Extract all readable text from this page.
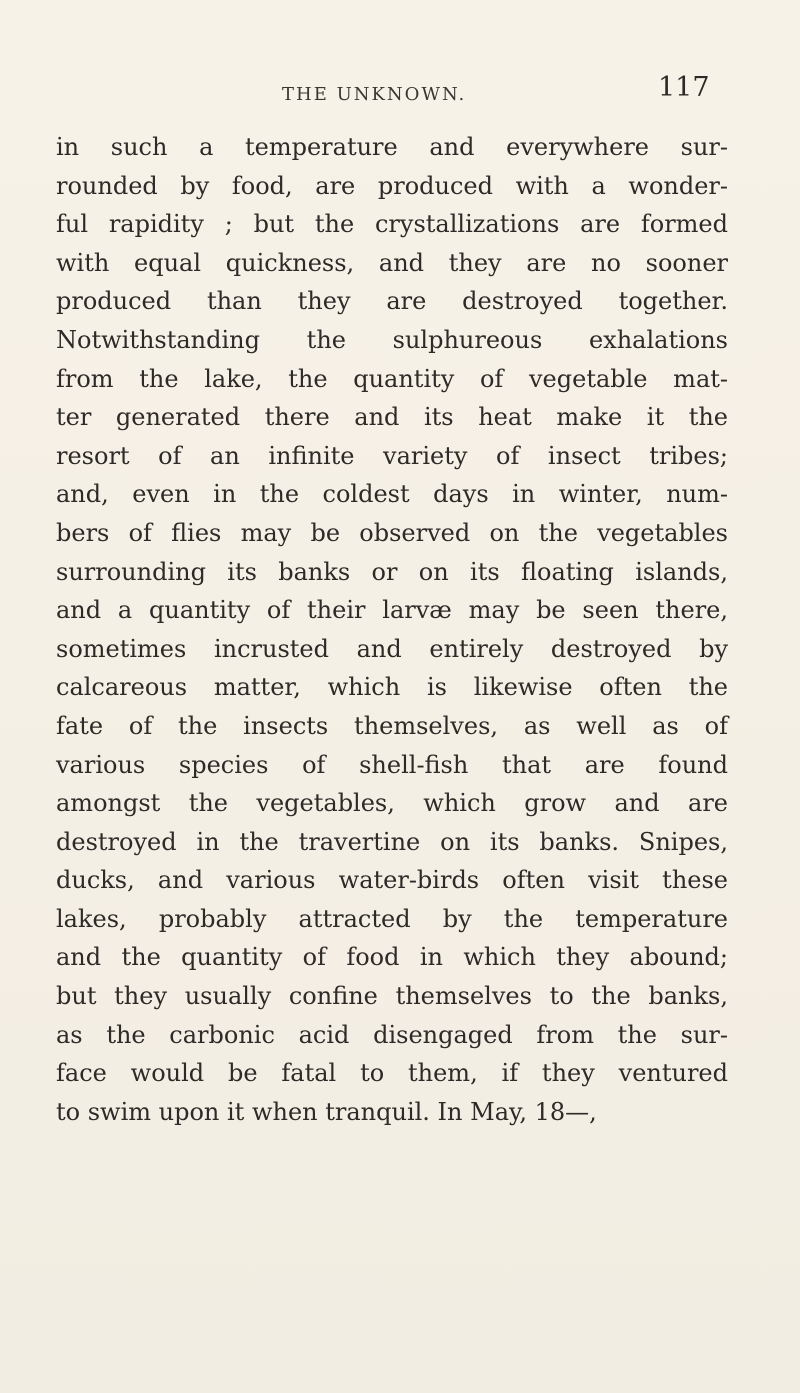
THE UNKNOWN.	117
in such a temperature and everywhere sur-
rounded by food, are produced with a wonder-
ful rapidity ; but the crystallizations are formed
with equal quickness, and they are no sooner
produced than they are destroyed together.
Notwithstanding the sulphureous exhalations
from the lake, the quantity of vegetable mat-
ter generated there and its heat make it the
resort of an infinite variety of insect tribes;
and, even in the coldest days in winter, num-
bers of flies may be observed on the vegetables
surrounding its banks or on its floating islands,
and a quantity of their larvæ may be seen there,
sometimes incrusted and entirely destroyed by
calcareous matter, which is likewise often the
fate of the insects themselves, as well as of
various species of shell-fish that are found
amongst the vegetables, which grow and are
destroyed in the travertine on its banks. Snipes,
ducks, and various water-birds often visit these
lakes, probably attracted by the temperature
and the quantity of food in which they abound;
but they usually confine themselves to the banks,
as the carbonic acid disengaged from the sur-
face would be fatal to them, if they ventured
to swim upon it when tranquil. In May, 18—,
